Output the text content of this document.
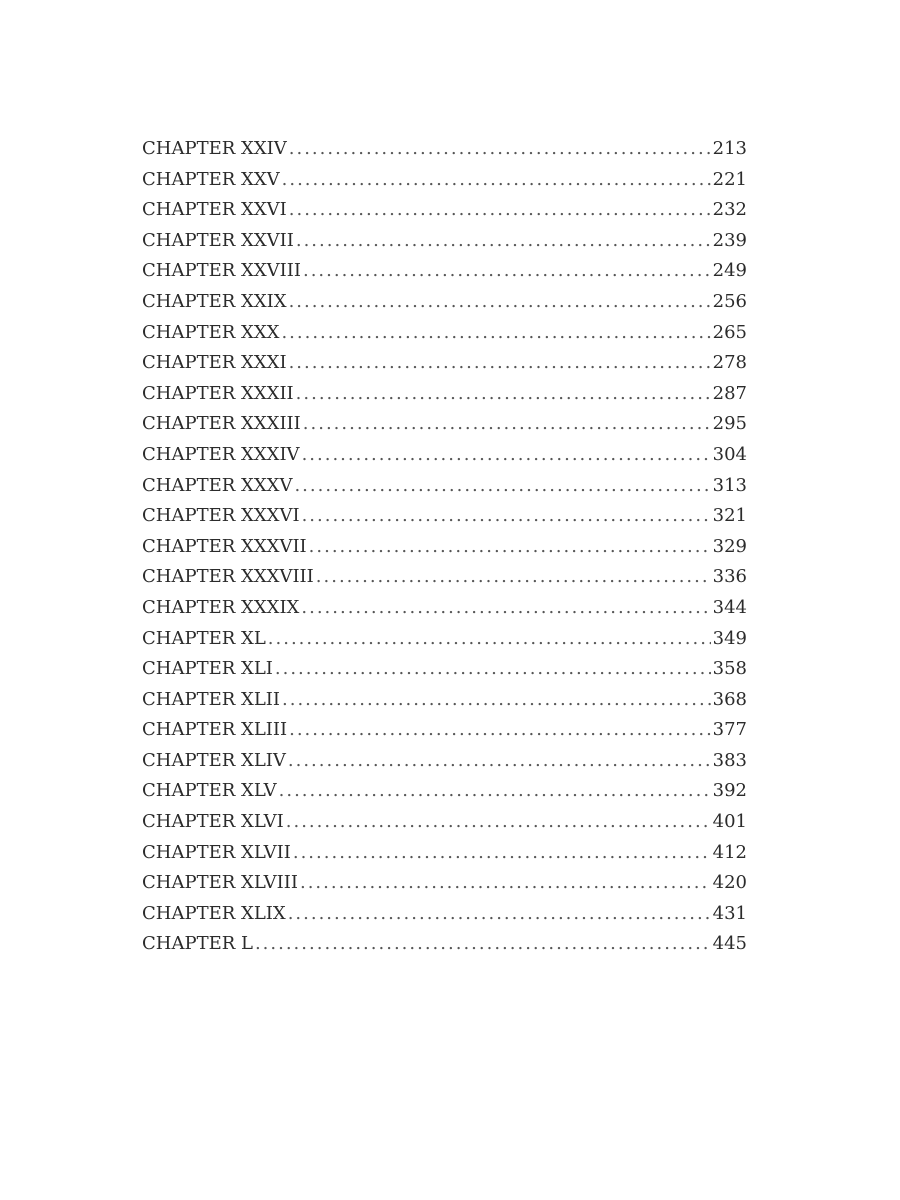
CHAPTER XXIV .....	213
CHAPTER XXV .....	221
CHAPTER XXVI .....	232
CHAPTER XXVII .....	239
CHAPTER XXVIII .....	249
CHAPTER XXIX .....	256
CHAPTER XXX .....	265
CHAPTER XXXI .....	278
CHAPTER XXXII .....	287
CHAPTER XXXIII .....	295
CHAPTER XXXIV .....	304
CHAPTER XXXV .....	313
CHAPTER XXXVI .....	321
CHAPTER XXXVII .....	329
CHAPTER XXXVIII .....	336
CHAPTER XXXIX .....	344
CHAPTER XL .....	349
CHAPTER XLI .....	358
CHAPTER XLII .....	368
CHAPTER XLIII .....	377
CHAPTER XLIV .....	383
CHAPTER XLV .....	392
CHAPTER XLVI .....	401
CHAPTER XLVII .....	412
CHAPTER XLVIII .....	420
CHAPTER XLIX .....	431
CHAPTER L .....	445
